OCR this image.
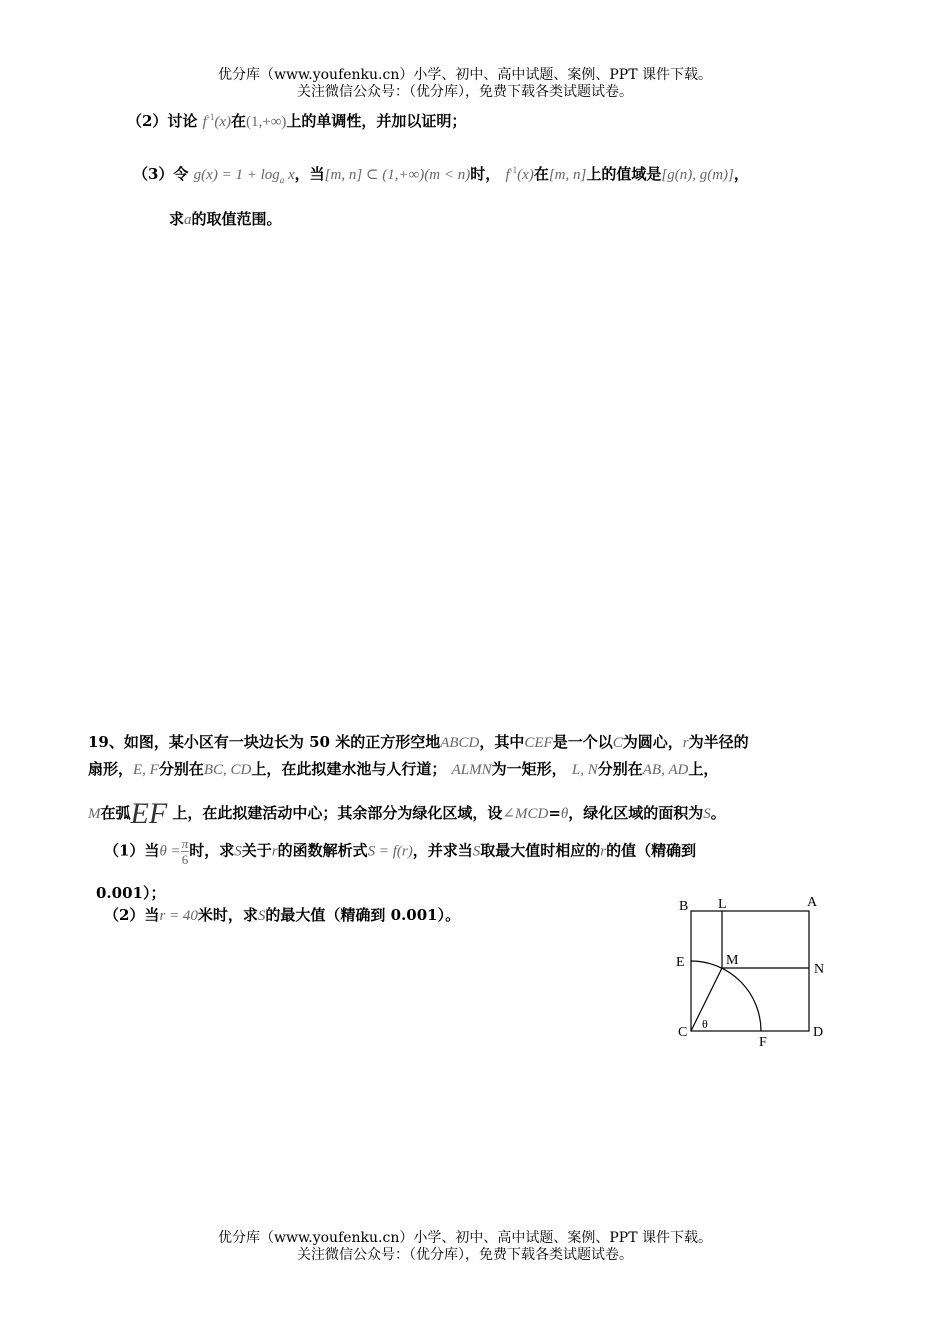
优分库（www.youfenku.cn）小学、初中、高中试题、案例、PPT 课件下载。
关注微信公众号：（优分库），免费下载各类试题试卷。
（2）讨论 $f^{-1}(x)$在(1,+∞)上的单调性，并加以证明；
（3）令 $g(x) = 1 + \log_a x$，当[m, n] ⊂ (1,+∞)(m < n)时， $f^{-1}(x)$在[m, n]上的值域是[g(n), g(m)]，
求a的取值范围。
19、如图，某小区有一块边长为 50 米的正方形空地ABCD，其中CEF是一个以C为圆心，r为半径的
扇形，E, F分别在BC, CD上，在此拟建水池与人行道； ALMN为一矩形， L, N分别在AB, AD上，
M在弧EF 上，在此拟建活动中心；其余部分为绿化区域，设∠MCD=θ，绿化区域的面积为S。
（1）当$\theta = \frac{\pi}{6}$ 时，求S关于r的函数解析式S = f(r)，并求当S取最大值时相应的r的值（精确到
0.001）；
（2）当r = 40米时，求S的最大值（精确到 0.001）。	B L	A
E	M
N
C
θ
F
D
优分库（www.youfenku.cn）小学、初中、高中试题、案例、PPT 课件下载。
关注微信公众号：（优分库），免费下载各类试题试卷。
